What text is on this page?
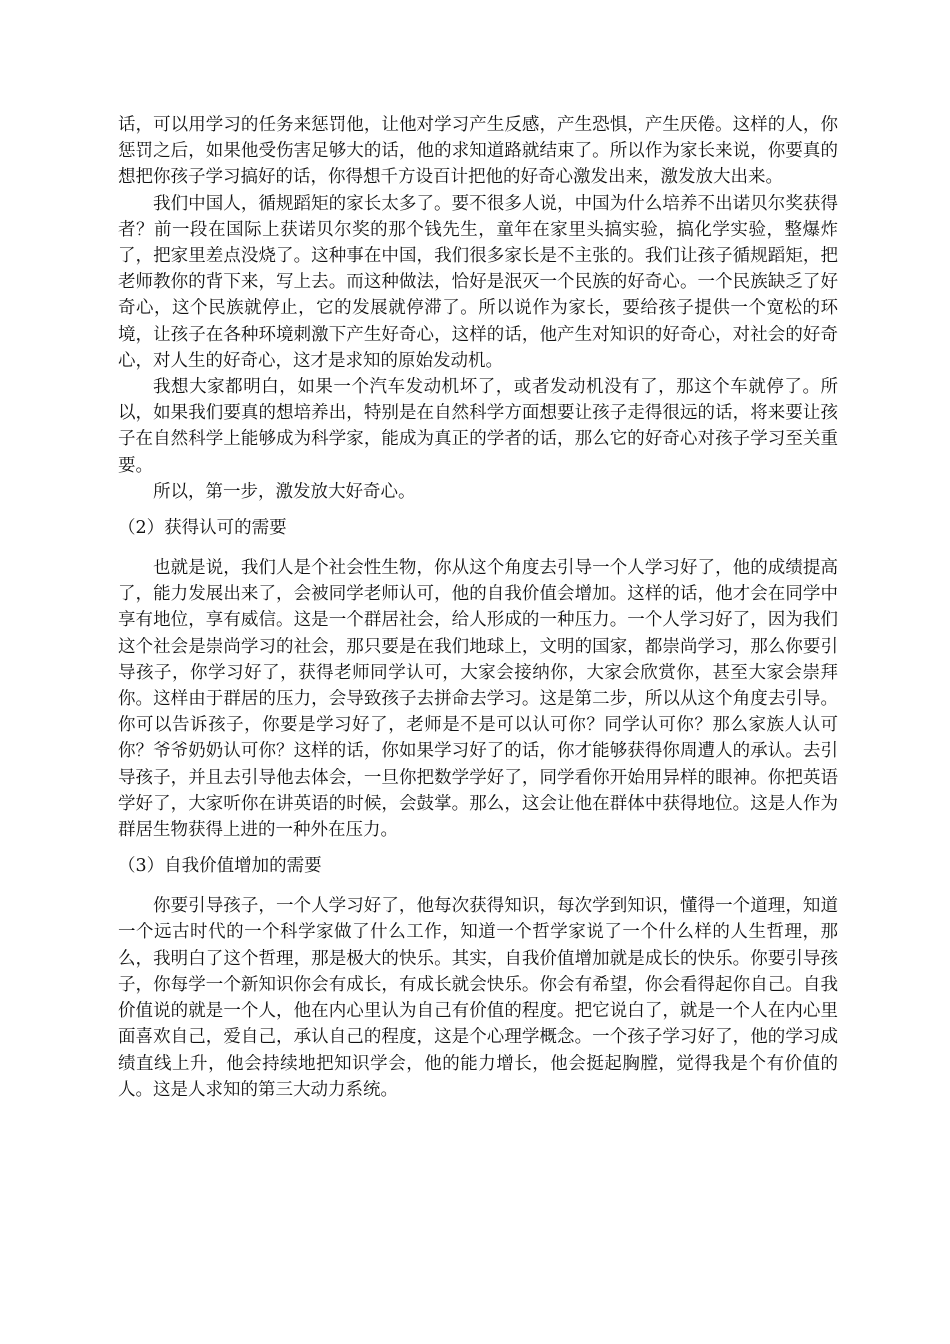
话，可以用学习的任务来惩罚他，让他对学习产生反感，产生恐惧，产生厌倦。这样的人，你惩罚之后，如果他受伤害足够大的话，他的求知道路就结束了。所以作为家长来说，你要真的想把你孩子学习搞好的话，你得想千方设百计把他的好奇心激发出来，激发放大出来。

我们中国人，循规蹈矩的家长太多了。要不很多人说，中国为什么培养不出诺贝尔奖获得者？前一段在国际上获诺贝尔奖的那个钱先生，童年在家里头搞实验，搞化学实验，整爆炸了，把家里差点没烧了。这种事在中国，我们很多家长是不主张的。我们让孩子循规蹈矩，把老师教你的背下来，写上去。而这种做法，恰好是泯灭一个民族的好奇心。一个民族缺乏了好奇心，这个民族就停止，它的发展就停滞了。所以说作为家长，要给孩子提供一个宽松的环境，让孩子在各种环境刺激下产生好奇心，这样的话，他产生对知识的好奇心，对社会的好奇心，对人生的好奇心，这才是求知的原始发动机。

我想大家都明白，如果一个汽车发动机坏了，或者发动机没有了，那这个车就停了。所以，如果我们要真的想培养出，特别是在自然科学方面想要让孩子走得很远的话，将来要让孩子在自然科学上能够成为科学家，能成为真正的学者的话，那么它的好奇心对孩子学习至关重要。

所以，第一步，激发放大好奇心。

（2）获得认可的需要

也就是说，我们人是个社会性生物，你从这个角度去引导一个人学习好了，他的成绩提高了，能力发展出来了，会被同学老师认可，他的自我价值会增加。这样的话，他才会在同学中享有地位，享有威信。这是一个群居社会，给人形成的一种压力。一个人学习好了，因为我们这个社会是崇尚学习的社会，那只要是在我们地球上，文明的国家，都崇尚学习，那么你要引导孩子，你学习好了，获得老师同学认可，大家会接纳你，大家会欣赏你，甚至大家会崇拜你。这样由于群居的压力，会导致孩子去拼命去学习。这是第二步，所以从这个角度去引导。你可以告诉孩子，你要是学习好了，老师是不是可以认可你？同学认可你？那么家族人认可你？爷爷奶奶认可你？这样的话，你如果学习好了的话，你才能够获得你周遭人的承认。去引导孩子，并且去引导他去体会，一旦你把数学学好了，同学看你开始用异样的眼神。你把英语学好了，大家听你在讲英语的时候，会鼓掌。那么，这会让他在群体中获得地位。这是人作为群居生物获得上进的一种外在压力。

（3）自我价值增加的需要

你要引导孩子，一个人学习好了，他每次获得知识，每次学到知识，懂得一个道理，知道一个远古时代的一个科学家做了什么工作，知道一个哲学家说了一个什么样的人生哲理，那么，我明白了这个哲理，那是极大的快乐。其实，自我价值增加就是成长的快乐。你要引导孩子，你每学一个新知识你会有成长，有成长就会快乐。你会有希望，你会看得起你自己。自我价值说的就是一个人，他在内心里认为自己有价值的程度。把它说白了，就是一个人在内心里面喜欢自己，爱自己，承认自己的程度，这是个心理学概念。一个孩子学习好了，他的学习成绩直线上升，他会持续地把知识学会，他的能力增长，他会挺起胸膛，觉得我是个有价值的人。这是人求知的第三大动力系统。
